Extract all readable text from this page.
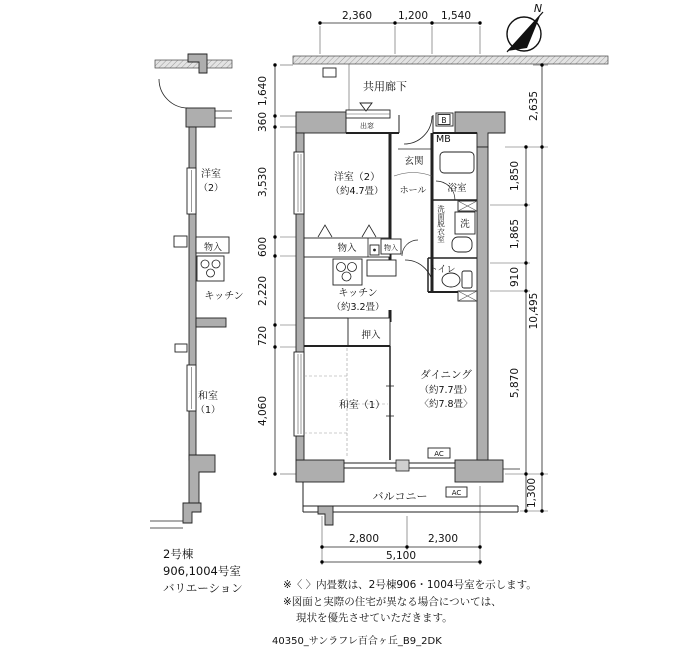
共用廊下
N
2,360 1,200 1,540
1,640
360
3,530
600
2,220
720
4,060
1,850
1,865
910
5,870
1,300
2,635
10,495
2,800	2,300
5,100
洋室
（2）
物入
キッチン
和室
（1）
出窓
B
MB
物入
物入
押入
洋室（2）
（約4.7畳）
玄関
ホール 浴室
洗面脱衣室 洗
トイレ
キッチン
（約3.2畳）
和室（1）
ダイニング
（約7.7畳）
〈約7.8畳〉
AC
AC
バルコニー
2号棟
906,1004号室
バリエーション	※〈 〉内畳数は、2号棟906・1004号室を示します。
※図面と実際の住宅が異なる場合については、
現状を優先させていただきます。
40350_サンラフレ百合ヶ丘_B9_2DK
